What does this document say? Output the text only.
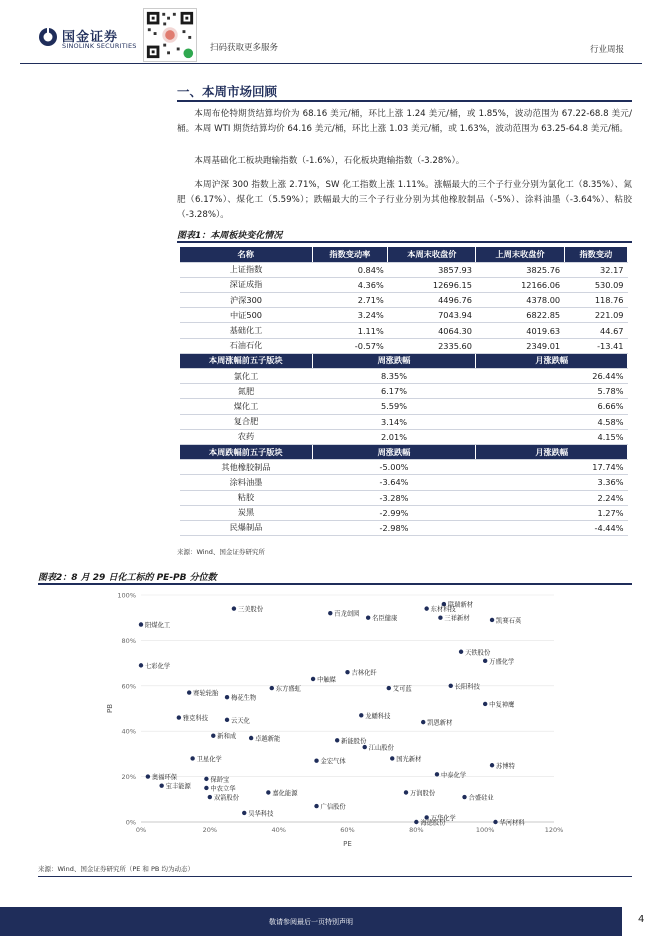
国金证券
SINOLINK SECURITIES	扫码获取更多服务	行业周报
一、本周市场回顾

本周布伦特期货结算均价为 68.16 美元/桶，环比上涨 1.24 美元/桶，或 1.85%，波动范围为 67.22-68.8 美元/桶。本周 WTI 期货结算均价 64.16 美元/桶，环比上涨 1.03 美元/桶，或 1.63%，波动范围为 63.25-64.8 美元/桶。

本周基础化工板块跑输指数（-1.6%），石化板块跑输指数（-3.28%）。

本周沪深 300 指数上涨 2.71%，SW 化工指数上涨 1.11%。涨幅最大的三个子行业分别为氯化工（8.35%）、氮肥（6.17%）、煤化工（5.59%）；跌幅最大的三个子行业分别为其他橡胶制品（-5%）、涂料油墨（-3.64%）、粘胶（-3.28%）。

图表1：本周板块变化情况
名称	指数变动率	本周末收盘价	上周末收盘价	指数变动
上证指数	0.84%	3857.93	3825.76	32.17
深证成指	4.36%	12696.15	12166.06	530.09
沪深300	2.71%	4496.76	4378.00	118.76
中证500	3.24%	7043.94	6822.85	221.09
基础化工	1.11%	4064.30	4019.63	44.67
石油石化	-0.57%	2335.60	2349.01	-13.41
本周涨幅前五子版块	周涨跌幅		月涨跌幅	
氯化工	8.35%		26.44%	
氮肥	6.17%		5.78%	
煤化工	5.59%		6.66%	
复合肥	3.14%		4.58%	
农药	2.01%		4.15%	
本周跌幅前五子版块	周涨跌幅		月涨跌幅	
其他橡胶制品	-5.00%		17.74%	
涂料油墨	-3.64%		3.36%	
粘胶	-3.28%		2.24%	
炭黑	-2.99%		1.27%	
民爆制品	-2.98%		-4.44%	
来源：Wind、国金证券研究所
图表2：8 月 29 日化工标的 PE-PB 分位数
0%
20%
40%
60%
80%
100%
0%	20%	40%	60%	80%	100%	120%
PE
PB
阳煤化工
三美股份
百龙创园
联瑞新材
东材科技
名臣健康	三祥新材	凯赛石英
七彩化学
天铁股份
万盛化学
东方盛虹
中触媒
吉林化纤
艾可蓝	长阳科技
中复神鹰
赛轮轮胎
梅花生物
雅克科技	云天化
龙蟠科技
新和成	卓越新能	新能股份
凯恩新材
江山股份
卫星化学	金宏气体	国光新材
苏博特
奥福环保	保龄宝
宝丰能源	中农立华
双箭股份
嘉化能源
广信股份
万润股份
中泰化学
合盛硅业
昊华科技
华河材料
万华化学
海德股份
来源：Wind、国金证券研究所（PE 和 PB 均为动态）
敬请参阅最后一页特别声明	4
